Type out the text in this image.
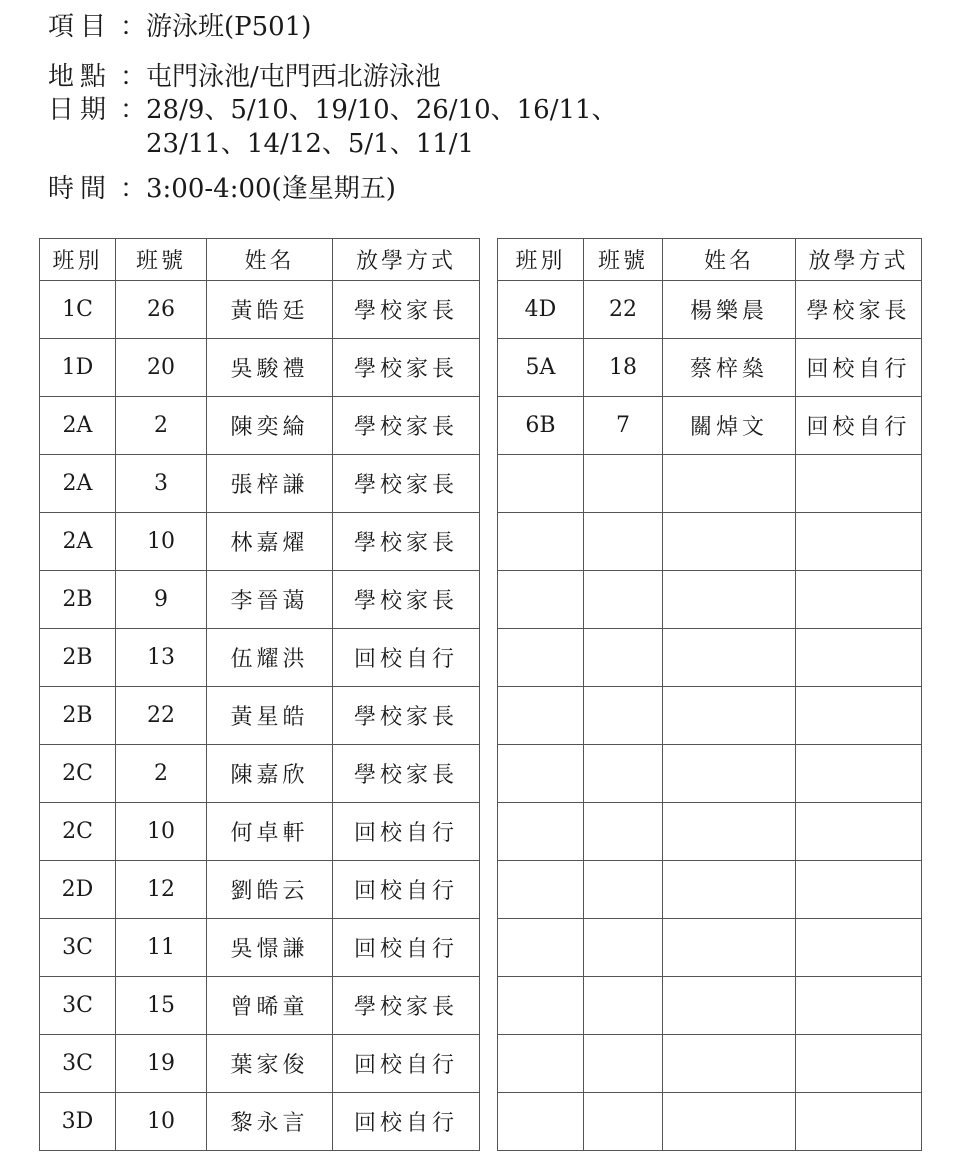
項目 ：游泳班(P501)
地點 ：屯門泳池/屯門西北游泳池
日期 ：28/9、5/10、19/10、26/10、16/11、
23/11、14/12、5/1、11/1
時間 ：3:00-4:00(逢星期五)
班別	班號	姓名	放學方式
1C	26	黃皓廷	學校家長
1D	20	吳駿禮	學校家長
2A	2	陳奕綸	學校家長
2A	3	張梓謙	學校家長
2A	10	林嘉燿	學校家長
2B	9	李晉蔼	學校家長
2B	13	伍耀洪	回校自行
2B	22	黃星皓	學校家長
2C	2	陳嘉欣	學校家長
2C	10	何卓軒	回校自行
2D	12	劉皓云	回校自行
3C	11	吳憬謙	回校自行
3C	15	曾晞童	學校家長
3C	19	葉家俊	回校自行
3D	10	黎永言	回校自行
班別	班號	姓名	放學方式
4D	22	楊樂晨	學校家長
5A	18	蔡梓燊	回校自行
6B	7	關焯文	回校自行
